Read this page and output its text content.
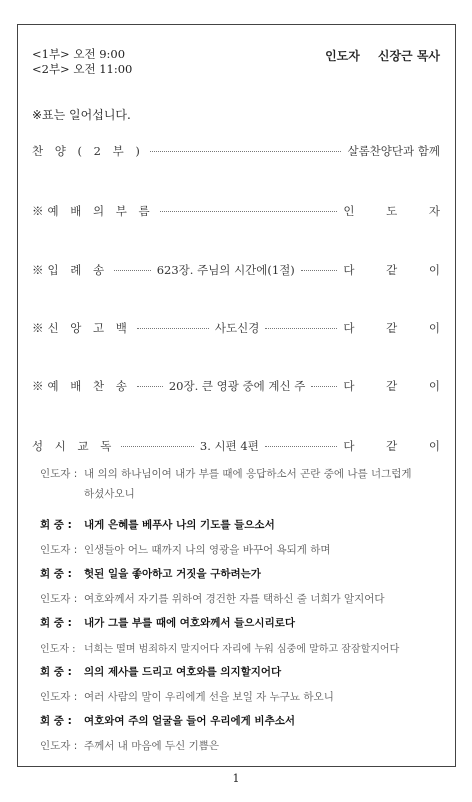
<1부> 오전 9:00
<2부> 오전 11:00
인도자 신장근 목사
※표는 일어섭니다.
찬 양 ( 2 부 )	살롬찬양단과 함께
※예 배 의 부 름	인 도 자
※입 례 송	623장. 주님의 시간에(1절)	다 같 이
※신 앙 고 백	사도신경	다 같 이
※예 배 찬 송	20장. 큰 영광 중에 계신 주	다 같 이
성 시 교 독	3. 시편 4편	다 같 이
인도자 : 내 의의 하나님이여 내가 부를 때에 응답하소서 곤란 중에 나를 너그럽게
하셨사오니
회 중 : 내게 은혜를 베푸사 나의 기도를 들으소서
인도자 : 인생들아 어느 때까지 나의 영광을 바꾸어 욕되게 하며
회 중 : 헛된 일을 좋아하고 거짓을 구하려는가
인도자 : 여호와께서 자기를 위하여 경건한 자를 택하신 줄 너희가 알지어다
회 중 : 내가 그를 부를 때에 여호와께서 들으시리로다
인도자 : 너희는 떨며 범죄하지 말지어다 자리에 누워 심중에 말하고 잠잠할지어다
회 중 : 의의 제사를 드리고 여호와를 의지할지어다
인도자 : 여러 사람의 말이 우리에게 선을 보일 자 누구뇨 하오니
회 중 : 여호와여 주의 얼굴을 들어 우리에게 비추소서
인도자 : 주께서 내 마음에 두신 기쁨은
1
